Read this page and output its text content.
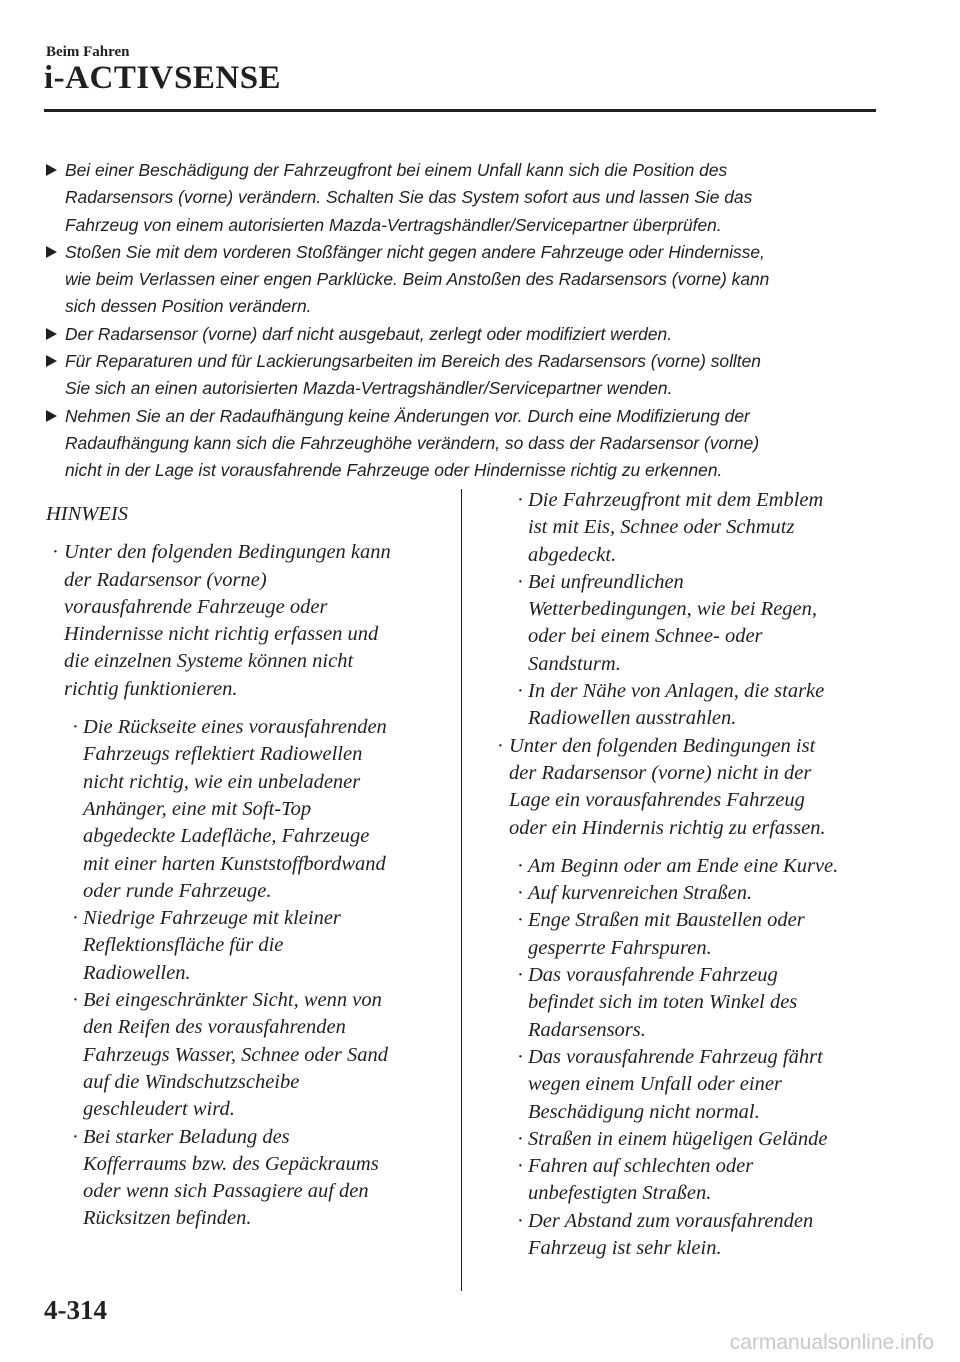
Beim Fahren
i-ACTIVSENSE
Bei einer Beschädigung der Fahrzeugfront bei einem Unfall kann sich die Position des
Radarsensors (vorne) verändern. Schalten Sie das System sofort aus und lassen Sie das
Fahrzeug von einem autorisierten Mazda-Vertragshändler/Servicepartner überprüfen.
Stoßen Sie mit dem vorderen Stoßfänger nicht gegen andere Fahrzeuge oder Hindernisse,
wie beim Verlassen einer engen Parklücke. Beim Anstoßen des Radarsensors (vorne) kann
sich dessen Position verändern.
Der Radarsensor (vorne) darf nicht ausgebaut, zerlegt oder modifiziert werden.
Für Reparaturen und für Lackierungsarbeiten im Bereich des Radarsensors (vorne) sollten
Sie sich an einen autorisierten Mazda-Vertragshändler/Servicepartner wenden.
Nehmen Sie an der Radaufhängung keine Änderungen vor. Durch eine Modifizierung der
Radaufhängung kann sich die Fahrzeughöhe verändern, so dass der Radarsensor (vorne)
nicht in der Lage ist vorausfahrende Fahrzeuge oder Hindernisse richtig zu erkennen.

HINWEIS

· Unter den folgenden Bedingungen kann
der Radarsensor (vorne)
vorausfahrende Fahrzeuge oder
Hindernisse nicht richtig erfassen und
die einzelnen Systeme können nicht
richtig funktionieren.
· Die Rückseite eines vorausfahrenden
Fahrzeugs reflektiert Radiowellen
nicht richtig, wie ein unbeladener
Anhänger, eine mit Soft-Top
abgedeckte Ladefläche, Fahrzeuge
mit einer harten Kunststoffbordwand
oder runde Fahrzeuge.
· Niedrige Fahrzeuge mit kleiner
Reflektionsfläche für die
Radiowellen.
· Bei eingeschränkter Sicht, wenn von
den Reifen des vorausfahrenden
Fahrzeugs Wasser, Schnee oder Sand
auf die Windschutzscheibe
geschleudert wird.
· Bei starker Beladung des
Kofferraums bzw. des Gepäckraums
oder wenn sich Passagiere auf den
Rücksitzen befinden.
· Die Fahrzeugfront mit dem Emblem
ist mit Eis, Schnee oder Schmutz
abgedeckt.
· Bei unfreundlichen
Wetterbedingungen, wie bei Regen,
oder bei einem Schnee- oder
Sandsturm.
· In der Nähe von Anlagen, die starke
Radiowellen ausstrahlen.
· Unter den folgenden Bedingungen ist
der Radarsensor (vorne) nicht in der
Lage ein vorausfahrendes Fahrzeug
oder ein Hindernis richtig zu erfassen.
· Am Beginn oder am Ende eine Kurve.
· Auf kurvenreichen Straßen.
· Enge Straßen mit Baustellen oder
gesperrte Fahrspuren.
· Das vorausfahrende Fahrzeug
befindet sich im toten Winkel des
Radarsensors.
· Das vorausfahrende Fahrzeug fährt
wegen einem Unfall oder einer
Beschädigung nicht normal.
· Straßen in einem hügeligen Gelände
· Fahren auf schlechten oder
unbefestigten Straßen.
· Der Abstand zum vorausfahrenden
Fahrzeug ist sehr klein.
4-314
carmanualsonline.info
